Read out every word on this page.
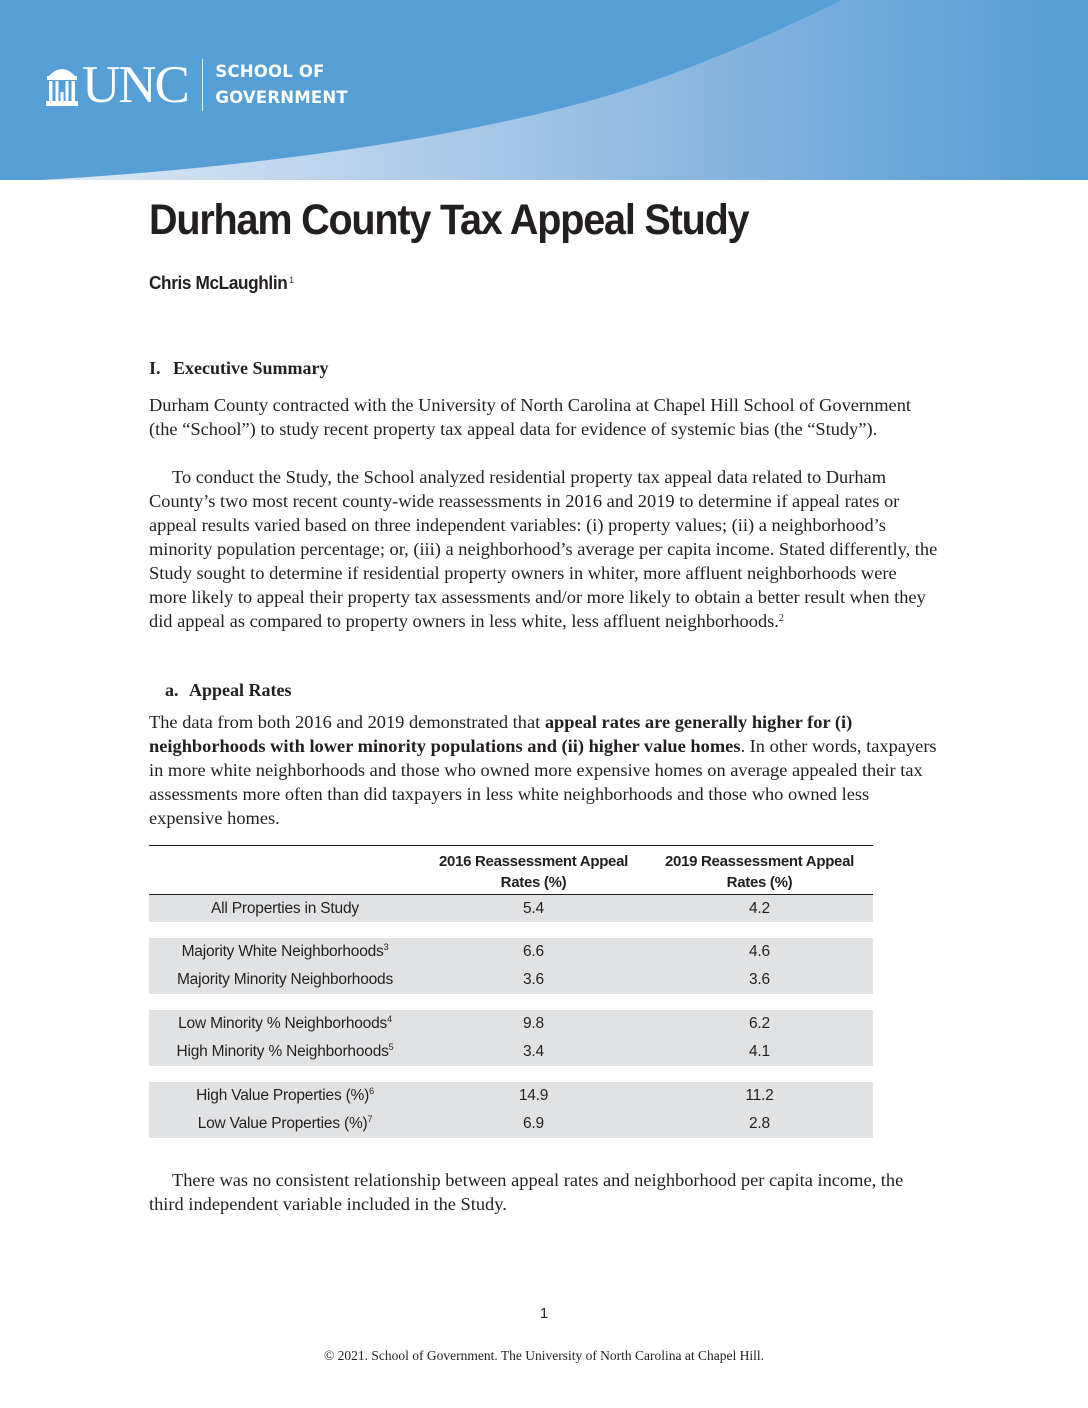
UNC SCHOOL OF
GOVERNMENT
Durham County Tax Appeal Study
Chris McLaughlin $^1$
I. Executive Summary

Durham County contracted with the University of North Carolina at Chapel Hill School of Government (the “School”) to study recent property tax appeal data for evidence of systemic bias (the “Study”).

To conduct the Study, the School analyzed residential property tax appeal data related to Durham County’s two most recent county-wide reassessments in 2016 and 2019 to determine if appeal rates or appeal results varied based on three independent variables: (i) property values; (ii) a neighborhood’s minority population percentage; or, (iii) a neighborhood’s average per capita income. Stated differently, the Study sought to determine if residential property owners in whiter, more affluent neighborhoods were more likely to appeal their property tax assessments and/or more likely to obtain a better result when they did appeal as compared to property owners in less white, less affluent neighborhoods.$^2$

a. Appeal Rates

The data from both 2016 and 2019 demonstrated that appeal rates are generally higher for (i) neighborhoods with lower minority populations and (ii) higher value homes. In other words, taxpayers in more white neighborhoods and those who owned more expensive homes on average appealed their tax assessments more often than did taxpayers in less white neighborhoods and those who owned less expensive homes.

2016 Reassessment Appeal Rates (%)
2019 Reassessment Appeal Rates (%)
All Properties in Study	5.4	4.2
Majority White Neighborhoods$^3$	6.6	4.6
Majority Minority Neighborhoods	3.6	3.6
Low Minority % Neighborhoods$^4$	9.8	6.2
High Minority % Neighborhoods$^5$	3.4	4.1
High Value Properties (%)$^6$	14.9	11.2
Low Value Properties (%)$^7$	6.9	2.8

There was no consistent relationship between appeal rates and neighborhood per capita income, the third independent variable included in the Study.

1
© 2021. School of Government. The University of North Carolina at Chapel Hill.
